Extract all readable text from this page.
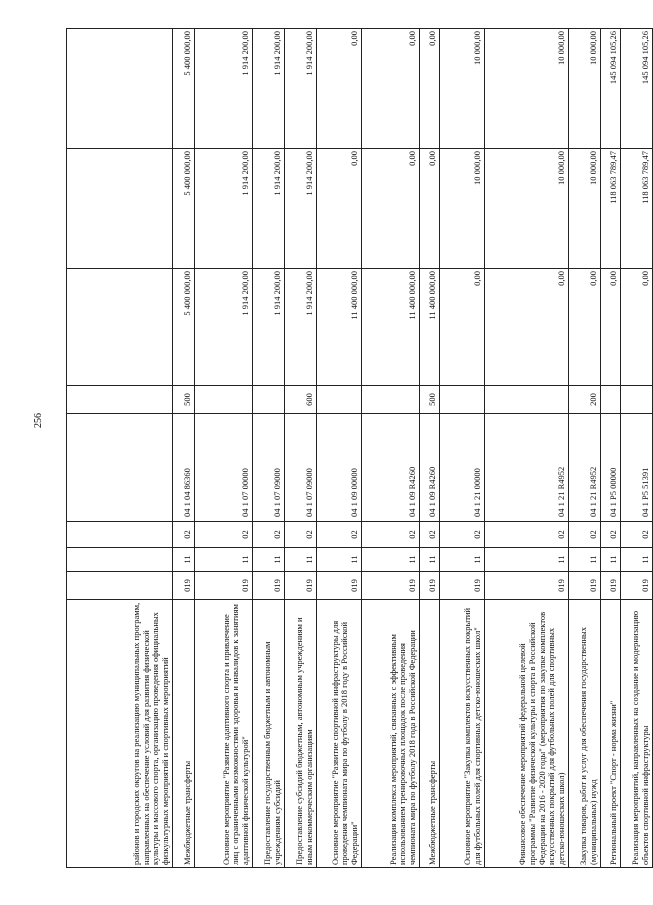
256
районов и городских округов на реализацию муниципальных программ, направленных на обеспечение условий для развития физической культуры и массового спорта, организацию проведения официальных физкультурных мероприятий и спортивных мероприятий								
Межбюджетные трансферты	019	11	02	04 1 04 86360	500	5 400 000,00	5 400 000,00	5 400 000,00
Основное мероприятие "Развитие адаптивного спорта и привлечение лиц с ограниченными возможностями здоровья и инвалидов к занятиям адаптивной физической культурой"	019	11	02	04 1 07 00000		1 914 200,00	1 914 200,00	1 914 200,00
Предоставление государственным бюджетным и автономным учреждениям субсидий	019	11	02	04 1 07 09000		1 914 200,00	1 914 200,00	1 914 200,00
Предоставление субсидий бюджетным, автономным учреждениям и иным некоммерческим организациям	019	11	02	04 1 07 09000	600	1 914 200,00	1 914 200,00	1 914 200,00
Основное мероприятие "Развитие спортивной инфраструктуры для проведения чемпионата мира по футболу в 2018 году в Российской Федерации"	019	11	02	04 1 09 00000		11 400 000,00	0,00	0,00
Реализация комплекса мероприятий, связанных с эффективным использованием тренировочных площадок после проведения чемпионата мира по футболу 2018 года в Российской Федерации	019	11	02	04 1 09 R4260		11 400 000,00	0,00	0,00
Межбюджетные трансферты	019	11	02	04 1 09 R4260	500	11 400 000,00	0,00	0,00
Основное мероприятие "Закупка комплектов искусственных покрытий для футбольных полей для спортивных детско-юношеских школ"	019	11	02	04 1 21 00000		0,00	10 000,00	10 000,00
Финансовое обеспечение мероприятий федеральной целевой программы "Развитие физической культуры и спорта в Российской Федерации на 2016 - 2020 годы" (мероприятия по закупке комплектов искусственных покрытий для футбольных полей для спортивных детско-юношеских школ)	019	11	02	04 1 21 R4952		0,00	10 000,00	10 000,00
Закупка товаров, работ и услуг для обеспечения государственных (муниципальных) нужд	019	11	02	04 1 21 R4952	200	0,00	10 000,00	10 000,00
Региональный проект "Спорт - норма жизни"	019	11	02	04 1 P5 00000		0,00	118 063 789,47	145 094 105,26
Реализация мероприятий, направленных на создание и модернизацию объектов спортивной инфраструктуры	019	11	02	04 1 P5 51391		0,00	118 063 789,47	145 094 105,26
